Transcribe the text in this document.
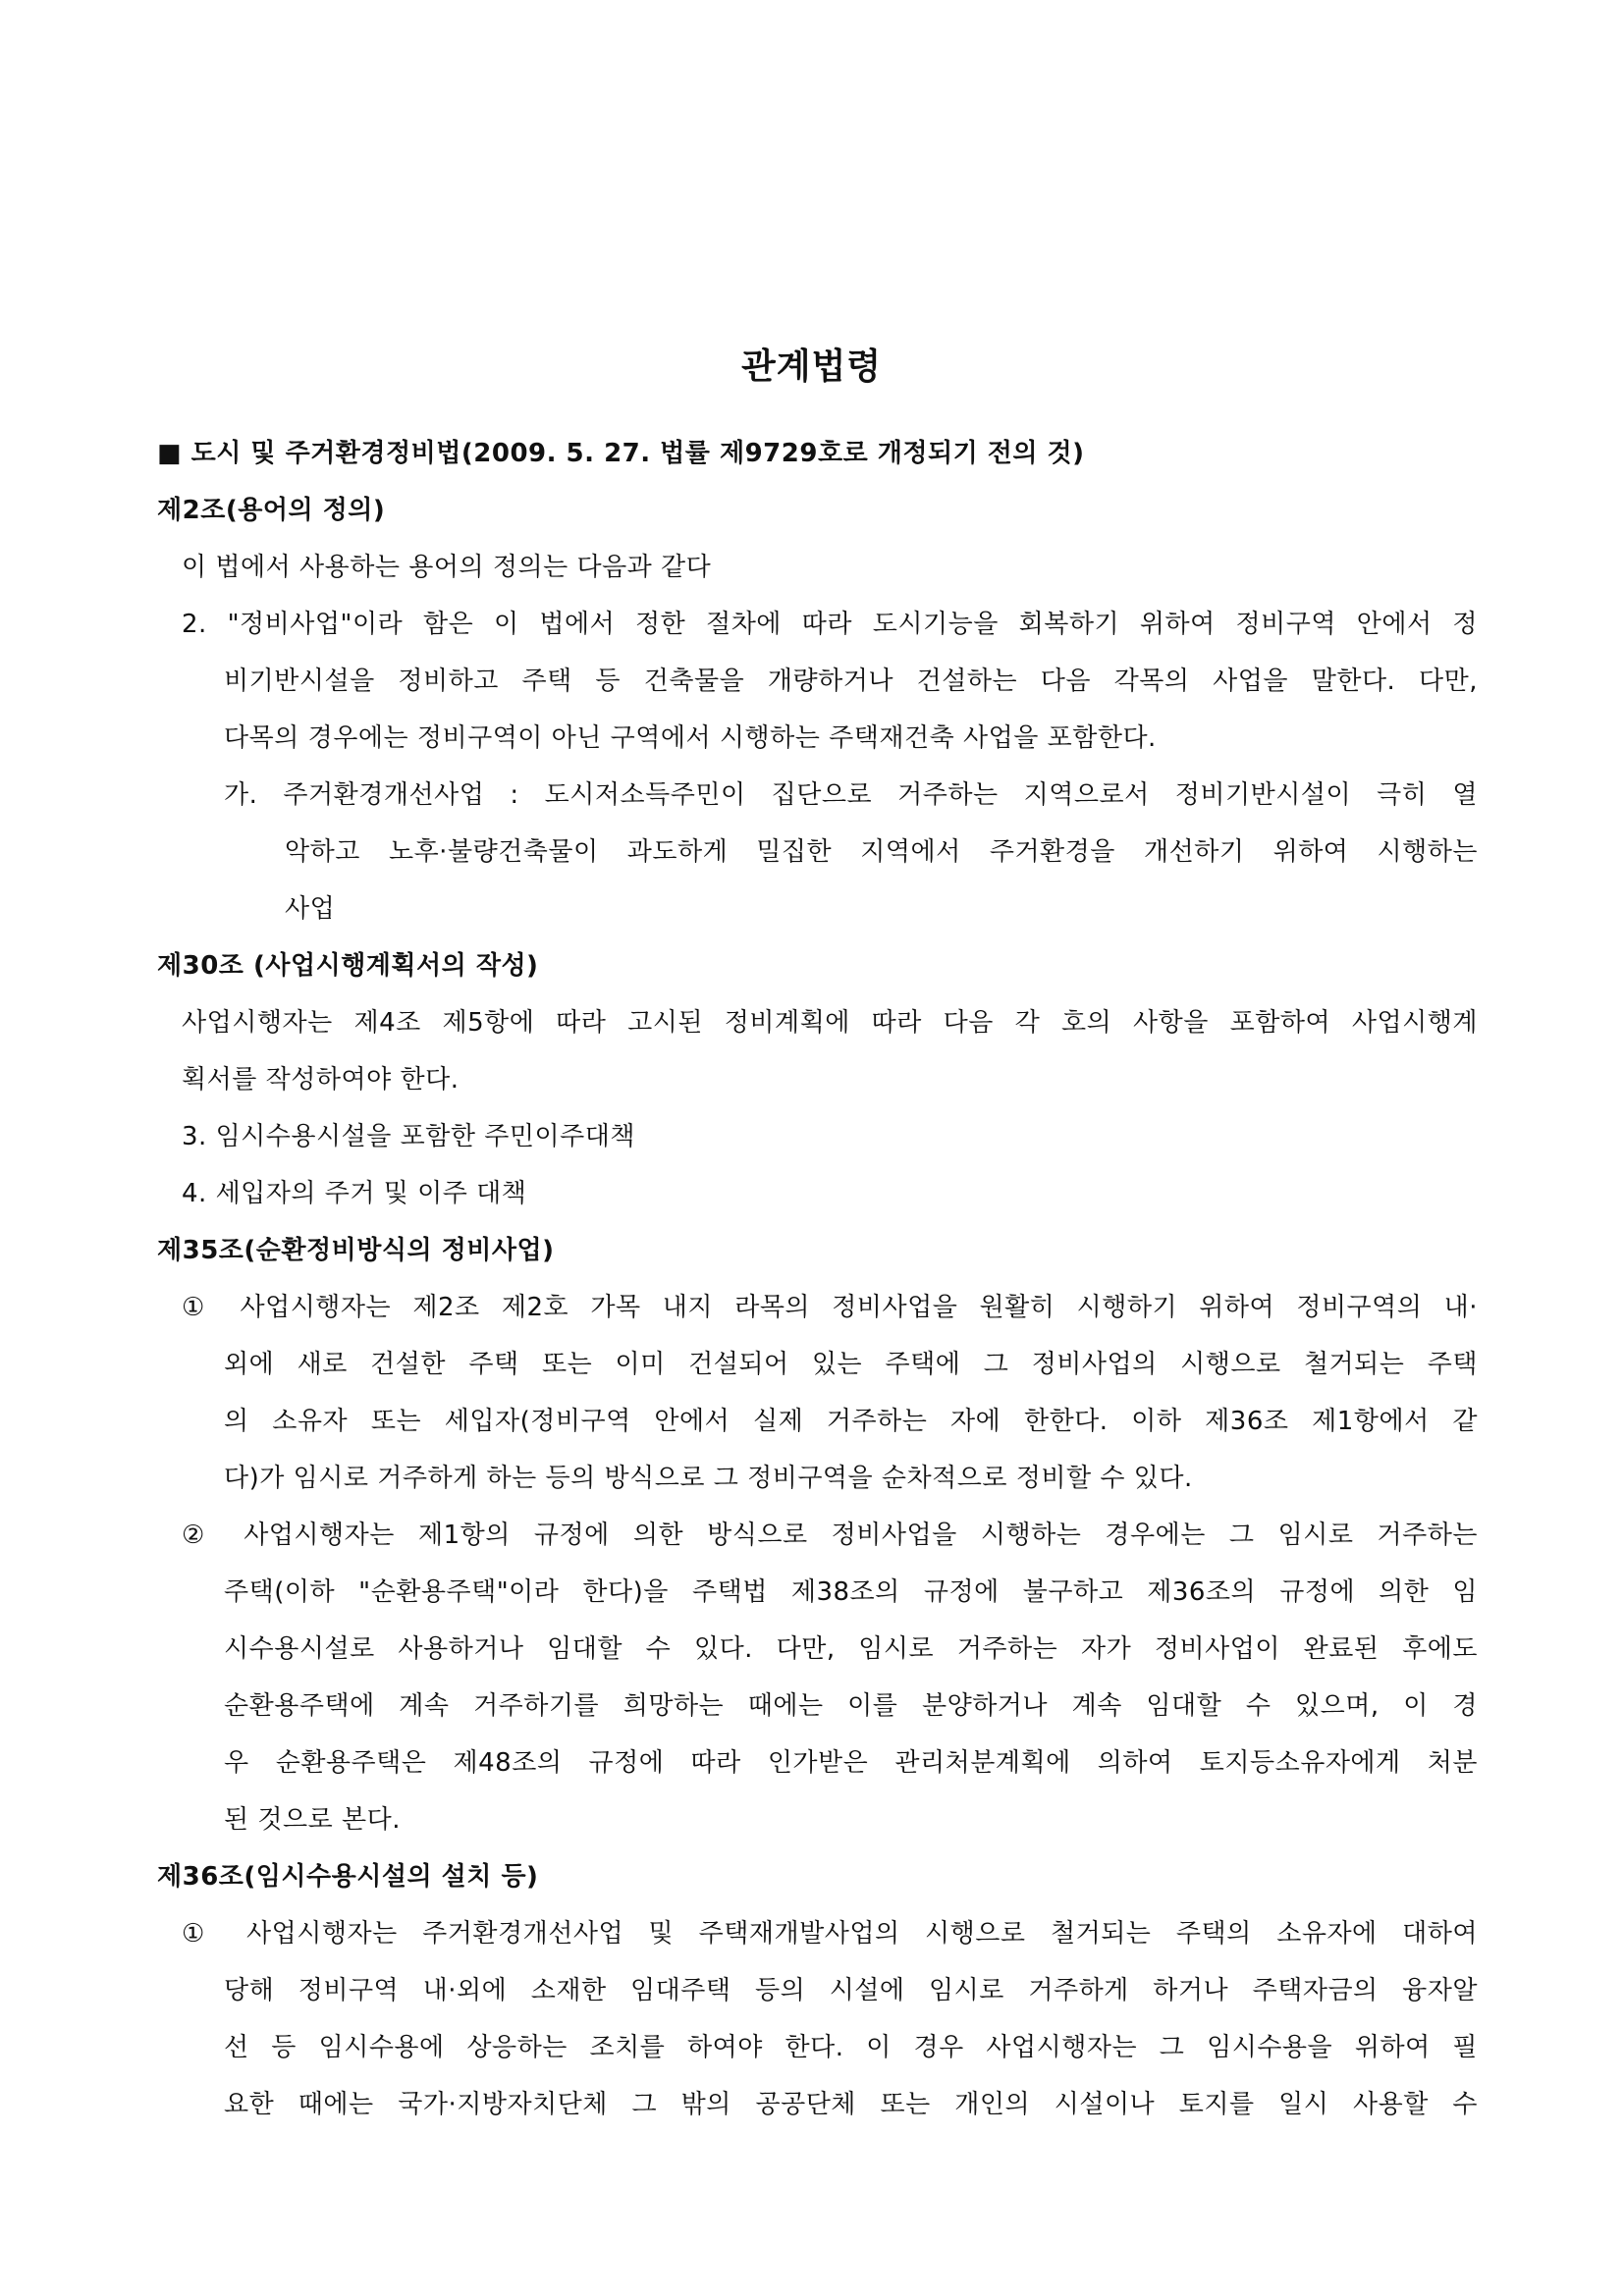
관계법령
■ 도시 및 주거환경정비법(2009. 5. 27. 법률 제9729호로 개정되기 전의 것)
제2조(용어의 정의)
이 법에서 사용하는 용어의 정의는 다음과 같다
2. "정비사업"이라 함은 이 법에서 정한 절차에 따라 도시기능을 회복하기 위하여 정비구역 안에서 정
비기반시설을 정비하고 주택 등 건축물을 개량하거나 건설하는 다음 각목의 사업을 말한다. 다만,
다목의 경우에는 정비구역이 아닌 구역에서 시행하는 주택재건축 사업을 포함한다.
가. 주거환경개선사업 : 도시저소득주민이 집단으로 거주하는 지역으로서 정비기반시설이 극히 열
악하고 노후·불량건축물이 과도하게 밀집한 지역에서 주거환경을 개선하기 위하여 시행하는
사업
제30조 (사업시행계획서의 작성)
사업시행자는 제4조 제5항에 따라 고시된 정비계획에 따라 다음 각 호의 사항을 포함하여 사업시행계
획서를 작성하여야 한다.
3. 임시수용시설을 포함한 주민이주대책
4. 세입자의 주거 및 이주 대책
제35조(순환정비방식의 정비사업)
① 사업시행자는 제2조 제2호 가목 내지 라목의 정비사업을 원활히 시행하기 위하여 정비구역의 내·
외에 새로 건설한 주택 또는 이미 건설되어 있는 주택에 그 정비사업의 시행으로 철거되는 주택
의 소유자 또는 세입자(정비구역 안에서 실제 거주하는 자에 한한다. 이하 제36조 제1항에서 같
다)가 임시로 거주하게 하는 등의 방식으로 그 정비구역을 순차적으로 정비할 수 있다.
② 사업시행자는 제1항의 규정에 의한 방식으로 정비사업을 시행하는 경우에는 그 임시로 거주하는
주택(이하 "순환용주택"이라 한다)을 주택법 제38조의 규정에 불구하고 제36조의 규정에 의한 임
시수용시설로 사용하거나 임대할 수 있다. 다만, 임시로 거주하는 자가 정비사업이 완료된 후에도
순환용주택에 계속 거주하기를 희망하는 때에는 이를 분양하거나 계속 임대할 수 있으며, 이 경
우 순환용주택은 제48조의 규정에 따라 인가받은 관리처분계획에 의하여 토지등소유자에게 처분
된 것으로 본다.
제36조(임시수용시설의 설치 등)
① 사업시행자는 주거환경개선사업 및 주택재개발사업의 시행으로 철거되는 주택의 소유자에 대하여
당해 정비구역 내·외에 소재한 임대주택 등의 시설에 임시로 거주하게 하거나 주택자금의 융자알
선 등 임시수용에 상응하는 조치를 하여야 한다. 이 경우 사업시행자는 그 임시수용을 위하여 필
요한 때에는 국가·지방자치단체 그 밖의 공공단체 또는 개인의 시설이나 토지를 일시 사용할 수
